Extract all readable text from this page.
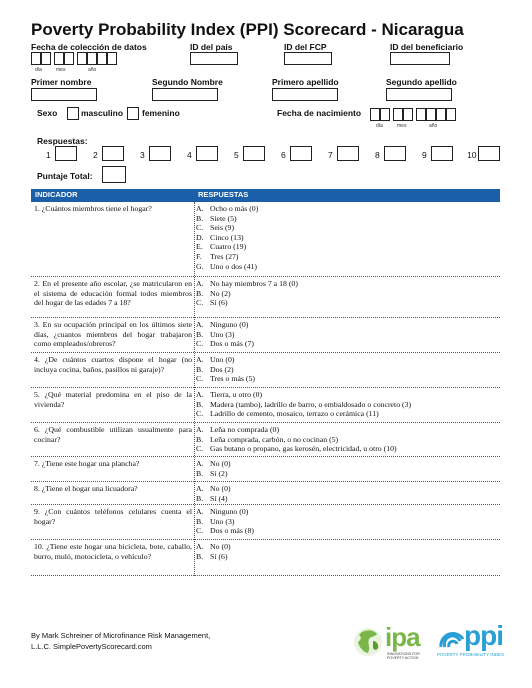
Poverty Probability Index (PPI) Scorecard - Nicaragua
Fecha de colección de datos	ID del país	ID del FCP	ID del beneficiario
día	mes	año
Primer nombre	Segundo Nombre	Primero apellido	Segundo apellido
Sexo	masculino femenino	Fecha de nacimiento
día	mes	año
Respuestas:
1	2	3	4	5	6	7	8	9	10
Puntaje Total:
INDICADOR	RESPUESTAS
1. ¿Cuántos miembros tiene el hogar?	A. Ocho o más (0)
B. Siete (5)
C. Seis (9)
D. Cinco (13)
E. Cuatro (19)
F. Tres (27)
G. Uno o dos (41)
2. En el presente año escolar, ¿se matricularon en el sistema de educación formal todos miembros del hogar de las edades 7 a 18?
A. No hay miembros 7 a 18 (0)
B. No (2)
C. Sí (6)
3. En su ocupación principal en los últimos siete días, ¿cuantos miembros del hogar trabajaron como empleados/obreros?
A. Ninguno (0)
B. Uno (3)
C. Dos o más (7)
4. ¿De cuántos cuartos dispone el hogar (no incluya cocina, baños, pasillos ni garaje)?
A. Uno (0)
B. Dos (2)
C. Tres o más (5)
5. ¿Qué material predomina en el piso de la vivienda?
A. Tierra, u otro (0)
B. Madera (tambo), ladrillo de barro, o embaldosado o concreto (3)
C. Ladrillo de cemento, mosaico, terrazo o cerámica (11)
6. ¿Qué combustible utilizan usualmente para cocinar?
A. Leña no comprada (0)
B. Leña comprada, carbón, o no cocinan (5)
C. Gas butano o propano, gas kerosén, electricidad, u otro (10)
7. ¿Tiene este hogar una plancha?	A. No (0)
B. Sí (2)
8. ¿Tiene el hogar una licuadora?	A. No (0)
B. Sí (4)
9. ¿Con cuántos teléfonos celulares cuenta el hogar?
A. Ninguno (0)
B. Uno (3)
C. Dos o más (8)
10. ¿Tiene este hogar una bicicleta, bote, caballo, burro, muló, motocicleta, o vehículo?
A. No (0)
B. Sí (6)
By Mark Schreiner of Microfinance Risk Management,
L.L.C. SimplePovertyScorecard.com	ipa
INNOVATIONS FOR POVERTY ACTION
ppi
POVERTY PROBABILITY INDEX
